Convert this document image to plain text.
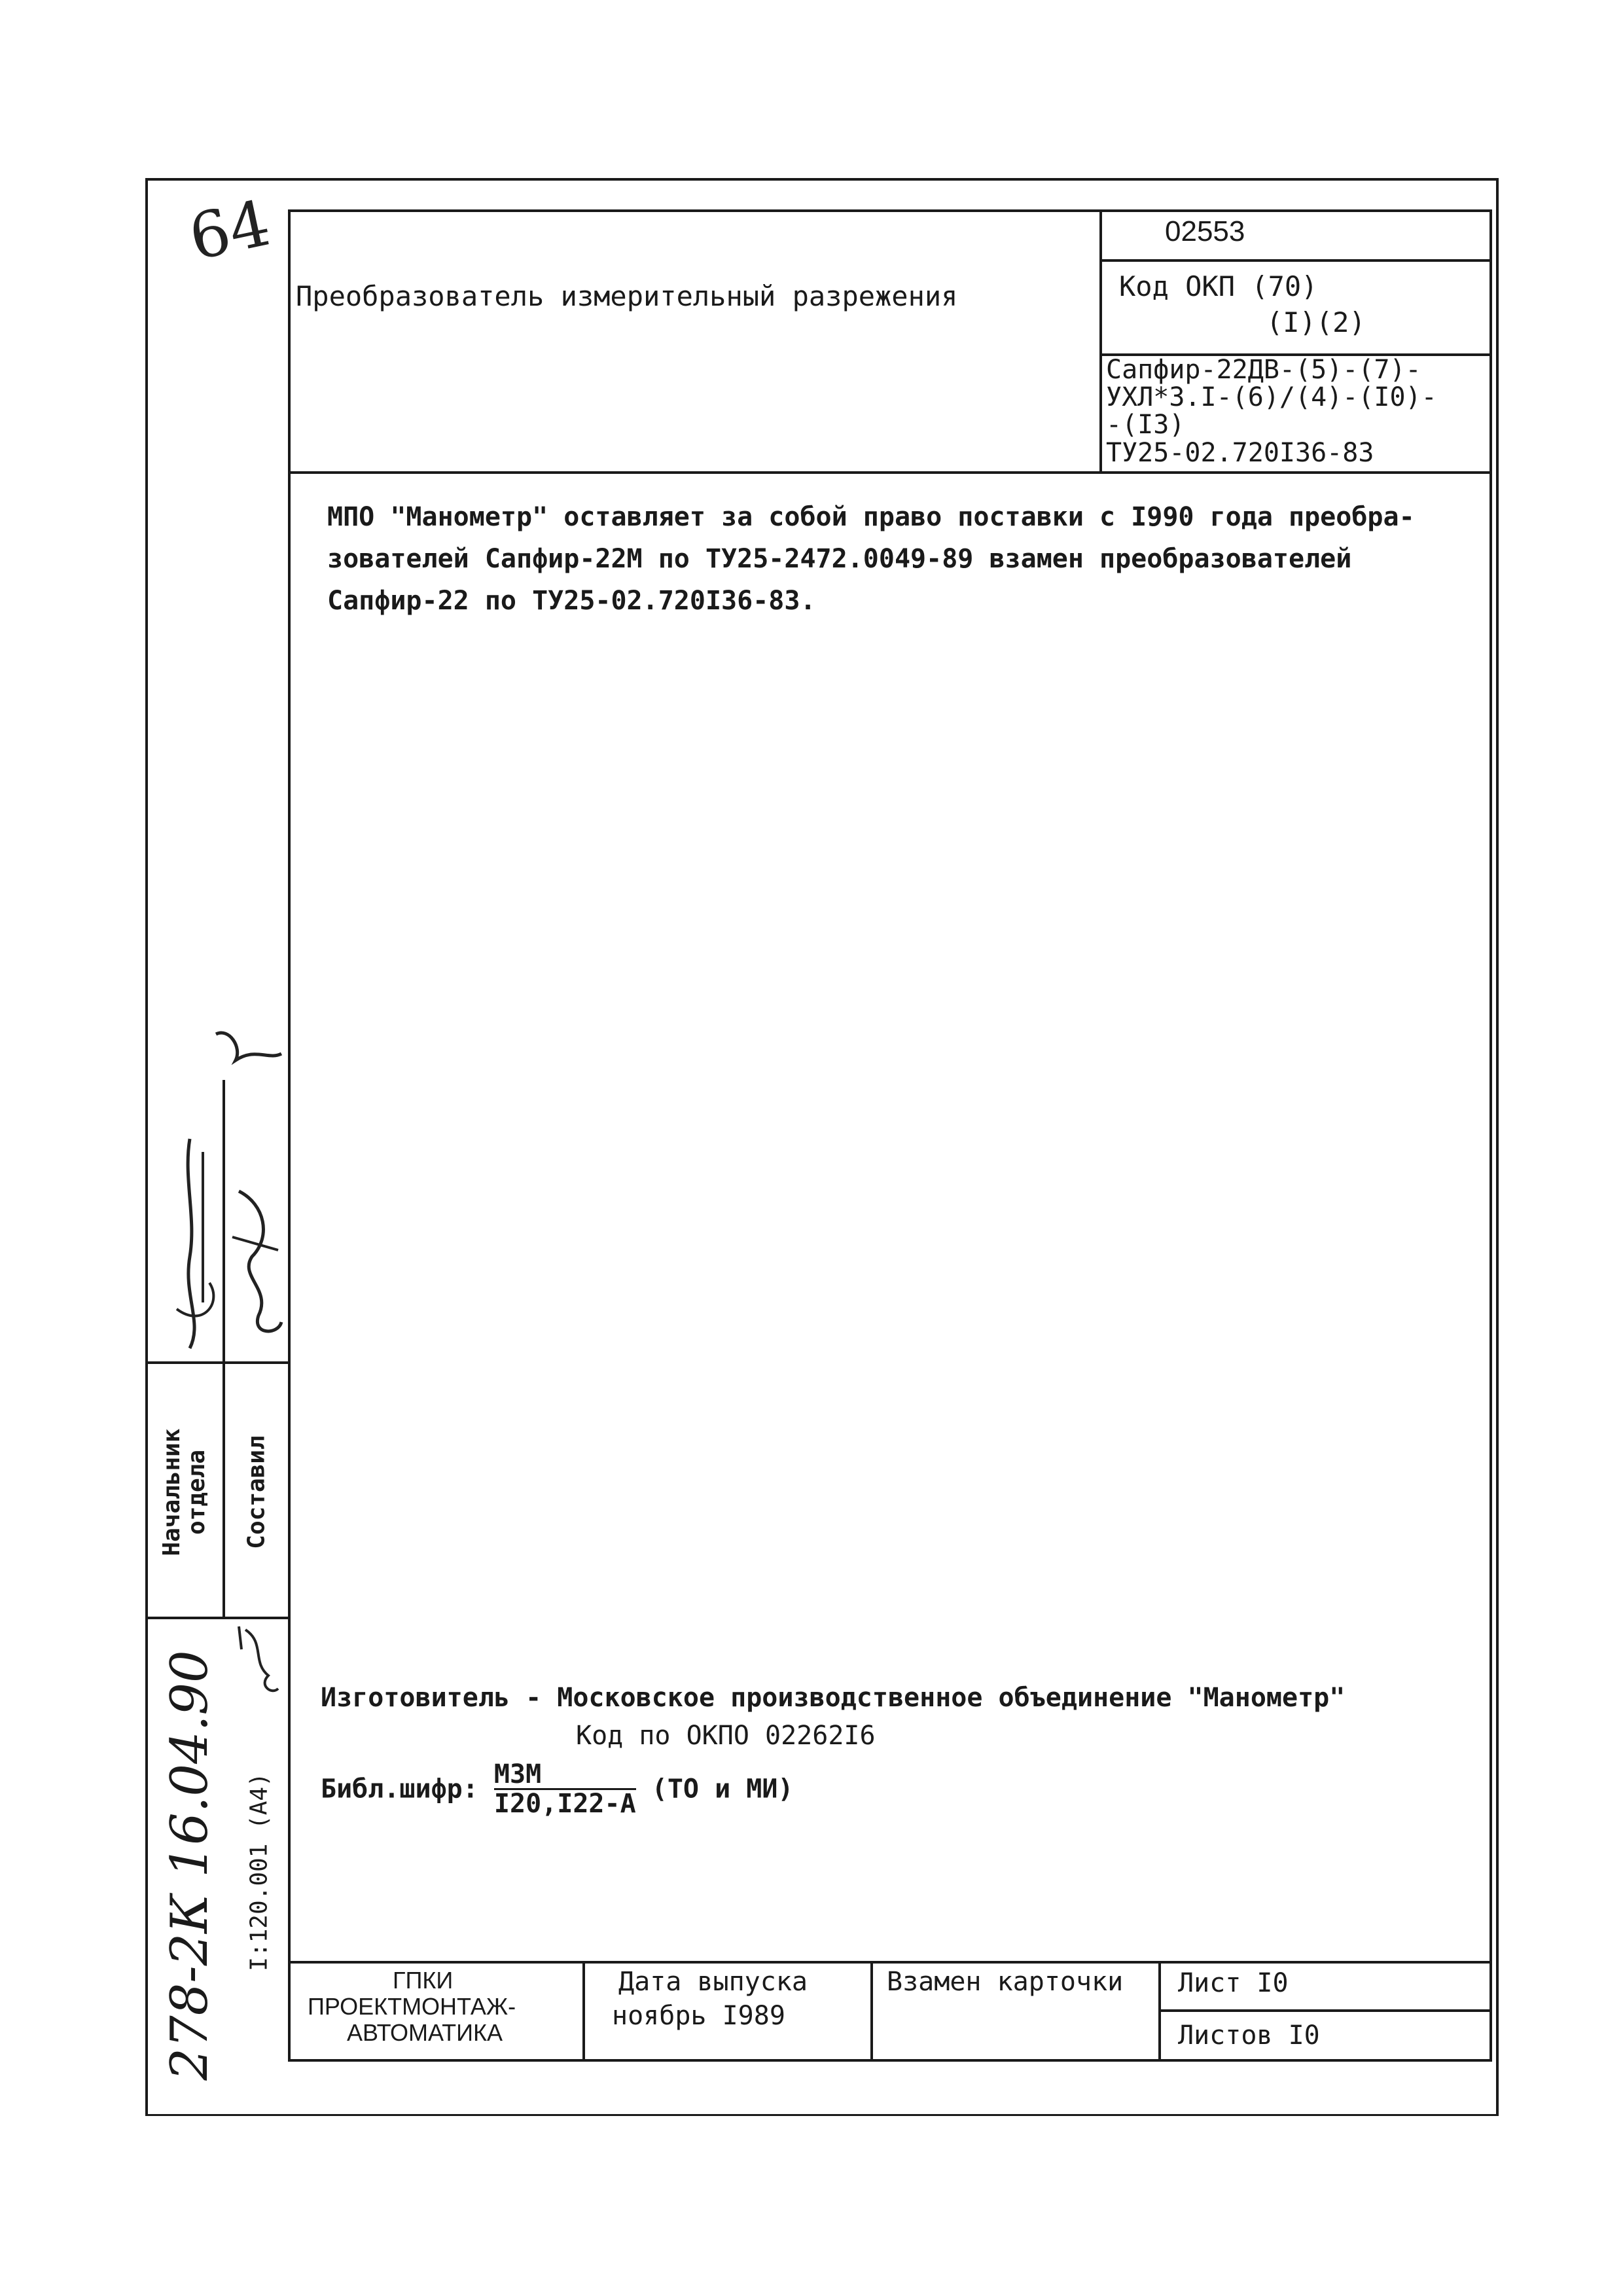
64
Преобразователь измерительный разрежения
02553
Код ОКП (70)
(I)(2)
Сапфир-22ДВ-(5)-(7)-
УХЛ*3.I-(6)/(4)-(I0)-
-(I3)
ТУ25-02.720I36-83
МПО "Манометр" оставляет за собой право поставки с I990 года преобра-
зователей Сапфир-22М по ТУ25-2472.0049-89 взамен преобразователей
Сапфир-22 по ТУ25-02.720I36-83.
Изготовитель - Московское производственное объединение "Манометр"
Код по ОКПО 02262I6
Библ.шифр: $\frac{\text{МЗМ}}{I20,I22-А} (ТО$ и МИ)
ГПКИ
ПРОЕКТМОНТАЖ-
АВТОМАТИКА
Дата выпуска
ноябрь I989
Взамен карточки Лист I0
Листов I0
Начальник отдела Составил
278-2К 16.04.90 I:120.001 (А4)
